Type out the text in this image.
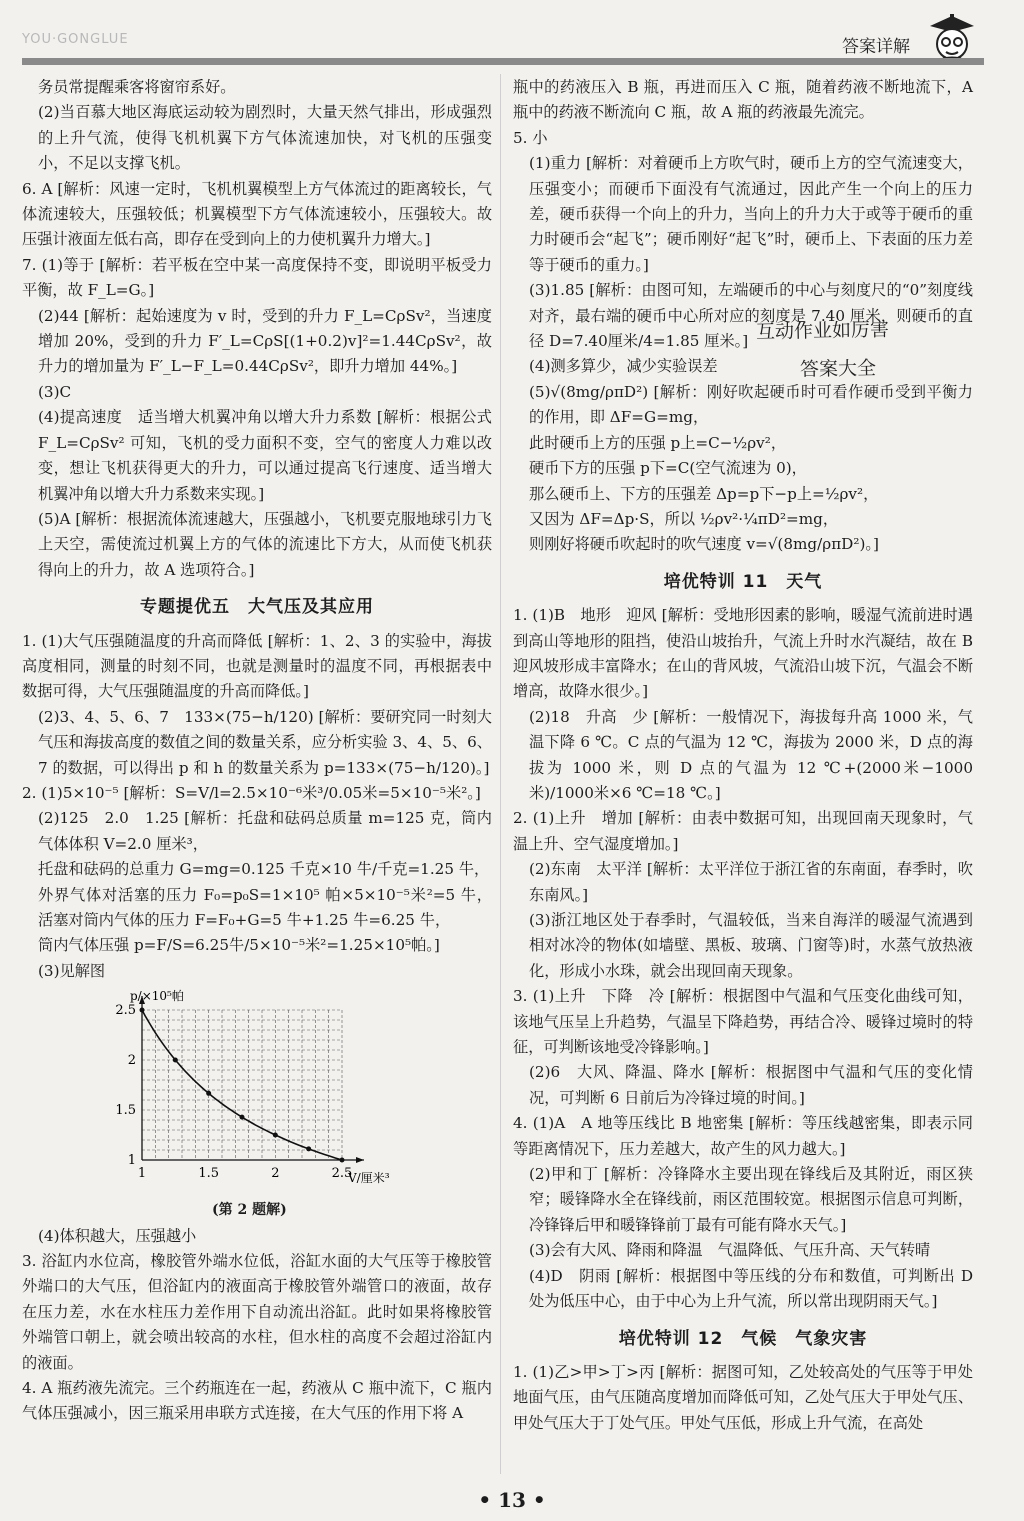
YOU·GONGLUE	答案详解

务员常提醒乘客将窗帘系好。

(2)当百慕大地区海底运动较为剧烈时，大量天然气排出，形成强烈的上升气流，使得飞机机翼下方气体流速加快，对飞机的压强变小，不足以支撑飞机。

6. A [解析：风速一定时，飞机机翼模型上方气体流过的距离较长，气体流速较大，压强较低；机翼模型下方气体流速较小，压强较大。故压强计液面左低右高，即存在受到向上的力使机翼升力增大。]

7. (1)等于 [解析：若平板在空中某一高度保持不变，即说明平板受力平衡，故 F_L=G。]

(2)44 [解析：起始速度为 v 时，受到的升力 F_L=CρSv²，当速度增加 20%，受到的升力 F′_L=CρS[(1+0.2)v]²=1.44CρSv²，故升力的增加量为 F′_L−F_L=0.44CρSv²，即升力增加 44%。]

(3)C

(4)提高速度　适当增大机翼冲角以增大升力系数 [解析：根据公式 F_L=CρSv² 可知，飞机的受力面积不变，空气的密度人力难以改变，想让飞机获得更大的升力，可以通过提高飞行速度、适当增大机翼冲角以增大升力系数来实现。]

(5)A [解析：根据流体流速越大，压强越小，飞机要克服地球引力飞上天空，需使流过机翼上方的气体的流速比下方大，从而使飞机获得向上的升力，故 A 选项符合。]

专题提优五　大气压及其应用

1. (1)大气压强随温度的升高而降低 [解析：1、2、3 的实验中，海拔高度相同，测量的时刻不同，也就是测量时的温度不同，再根据表中数据可得，大气压强随温度的升高而降低。]

(2)3、4、5、6、7　133×(75−h/120) [解析：要研究同一时刻大气压和海拔高度的数值之间的数量关系，应分析实验 3、4、5、6、7 的数据，可以得出 p 和 h 的数量关系为 p=133×(75−h/120)。]

2. (1)5×10⁻⁵ [解析：S=V/l=2.5×10⁻⁶米³/0.05米=5×10⁻⁵米²。]

(2)125　2.0　1.25 [解析：托盘和砝码总质量 m=125 克，筒内气体体积 V=2.0 厘米³，

托盘和砝码的总重力 G=mg=0.125 千克×10 牛/千克=1.25 牛，

外界气体对活塞的压力 F₀=p₀S=1×10⁵ 帕×5×10⁻⁵米²=5 牛，活塞对筒内气体的压力 F=F₀+G=5 牛+1.25 牛=6.25 牛，

筒内气体压强 p=F/S=6.25牛/5×10⁻⁵米²=1.25×10⁵帕。]

(3)见解图

1	1.5	2	2.5
1
1.5
2
2.5
V/厘米³
p/×10⁵帕
(第 2 题解)

(4)体积越大，压强越小

3. 浴缸内水位高，橡胶管外端水位低，浴缸水面的大气压等于橡胶管外端口的大气压，但浴缸内的液面高于橡胶管外端管口的液面，故存在压力差，水在水柱压力差作用下自动流出浴缸。此时如果将橡胶管外端管口朝上，就会喷出较高的水柱，但水柱的高度不会超过浴缸内的液面。

4. A 瓶药液先流完。三个药瓶连在一起，药液从 C 瓶中流下，C 瓶内气体压强减小，因三瓶采用串联方式连接，在大气压的作用下将 A

瓶中的药液压入 B 瓶，再进而压入 C 瓶，随着药液不断地流下，A 瓶中的药液不断流向 C 瓶，故 A 瓶的药液最先流完。

5. 小

(1)重力 [解析：对着硬币上方吹气时，硬币上方的空气流速变大，压强变小；而硬币下面没有气流通过，因此产生一个向上的压力差，硬币获得一个向上的升力，当向上的升力大于或等于硬币的重力时硬币会“起飞”；硬币刚好“起飞”时，硬币上、下表面的压力差等于硬币的重力。]

(3)1.85 [解析：由图可知，左端硬币的中心与刻度尺的“0”刻度线对齐，最右端的硬币中心所对应的刻度是 7.40 厘米，则硬币的直径 D=7.40厘米/4=1.85 厘米。]

(4)测多算少，减少实验误差

(5)√(8mg/ρπD²) [解析：刚好吹起硬币时可看作硬币受到平衡力的作用，即 ΔF=G=mg，

此时硬币上方的压强 p上=C−½ρv²，

硬币下方的压强 p下=C(空气流速为 0)，

那么硬币上、下方的压强差 Δp=p下−p上=½ρv²，

又因为 ΔF=Δp·S，所以 ½ρv²·¼πD²=mg，

则刚好将硬币吹起时的吹气速度 v=√(8mg/ρπD²)。]

培优特训 11　天气

1. (1)B　地形　迎风 [解析：受地形因素的影响，暖湿气流前进时遇到高山等地形的阻挡，使沿山坡抬升，气流上升时水汽凝结，故在 B 迎风坡形成丰富降水；在山的背风坡，气流沿山坡下沉，气温会不断增高，故降水很少。]

(2)18　升高　少 [解析：一般情况下，海拔每升高 1000 米，气温下降 6 ℃。C 点的气温为 12 ℃，海拔为 2000 米，D 点的海拔为 1000 米，则 D 点的气温为 12 ℃+(2000米−1000米)/1000米×6 ℃=18 ℃。]

2. (1)上升　增加 [解析：由表中数据可知，出现回南天现象时，气温上升、空气湿度增加。]

(2)东南　太平洋 [解析：太平洋位于浙江省的东南面，春季时，吹东南风。]

(3)浙江地区处于春季时，气温较低，当来自海洋的暖湿气流遇到相对冰冷的物体(如墙壁、黑板、玻璃、门窗等)时，水蒸气放热液化，形成小水珠，就会出现回南天现象。

3. (1)上升　下降　冷 [解析：根据图中气温和气压变化曲线可知，该地气压呈上升趋势，气温呈下降趋势，再结合冷、暖锋过境时的特征，可判断该地受冷锋影响。]

(2)6　大风、降温、降水 [解析：根据图中气温和气压的变化情况，可判断 6 日前后为冷锋过境的时间。]

4. (1)A　A 地等压线比 B 地密集 [解析：等压线越密集，即表示同等距离情况下，压力差越大，故产生的风力越大。]

(2)甲和丁 [解析：冷锋降水主要出现在锋线后及其附近，雨区狭窄；暖锋降水全在锋线前，雨区范围较宽。根据图示信息可判断，冷锋锋后甲和暖锋锋前丁最有可能有降水天气。]

(3)会有大风、降雨和降温　气温降低、气压升高、天气转晴

(4)D　阴雨 [解析：根据图中等压线的分布和数值，可判断出 D 处为低压中心，由于中心为上升气流，所以常出现阴雨天气。]

培优特训 12　气候　气象灾害

1. (1)乙>甲>丁>丙 [解析：据图可知，乙处较高处的气压等于甲处地面气压，由气压随高度增加而降低可知，乙处气压大于甲处气压、甲处气压大于丁处气压。甲处气压低，形成上升气流，在高处

互动作业如厉害
答案大全
• 13 •
